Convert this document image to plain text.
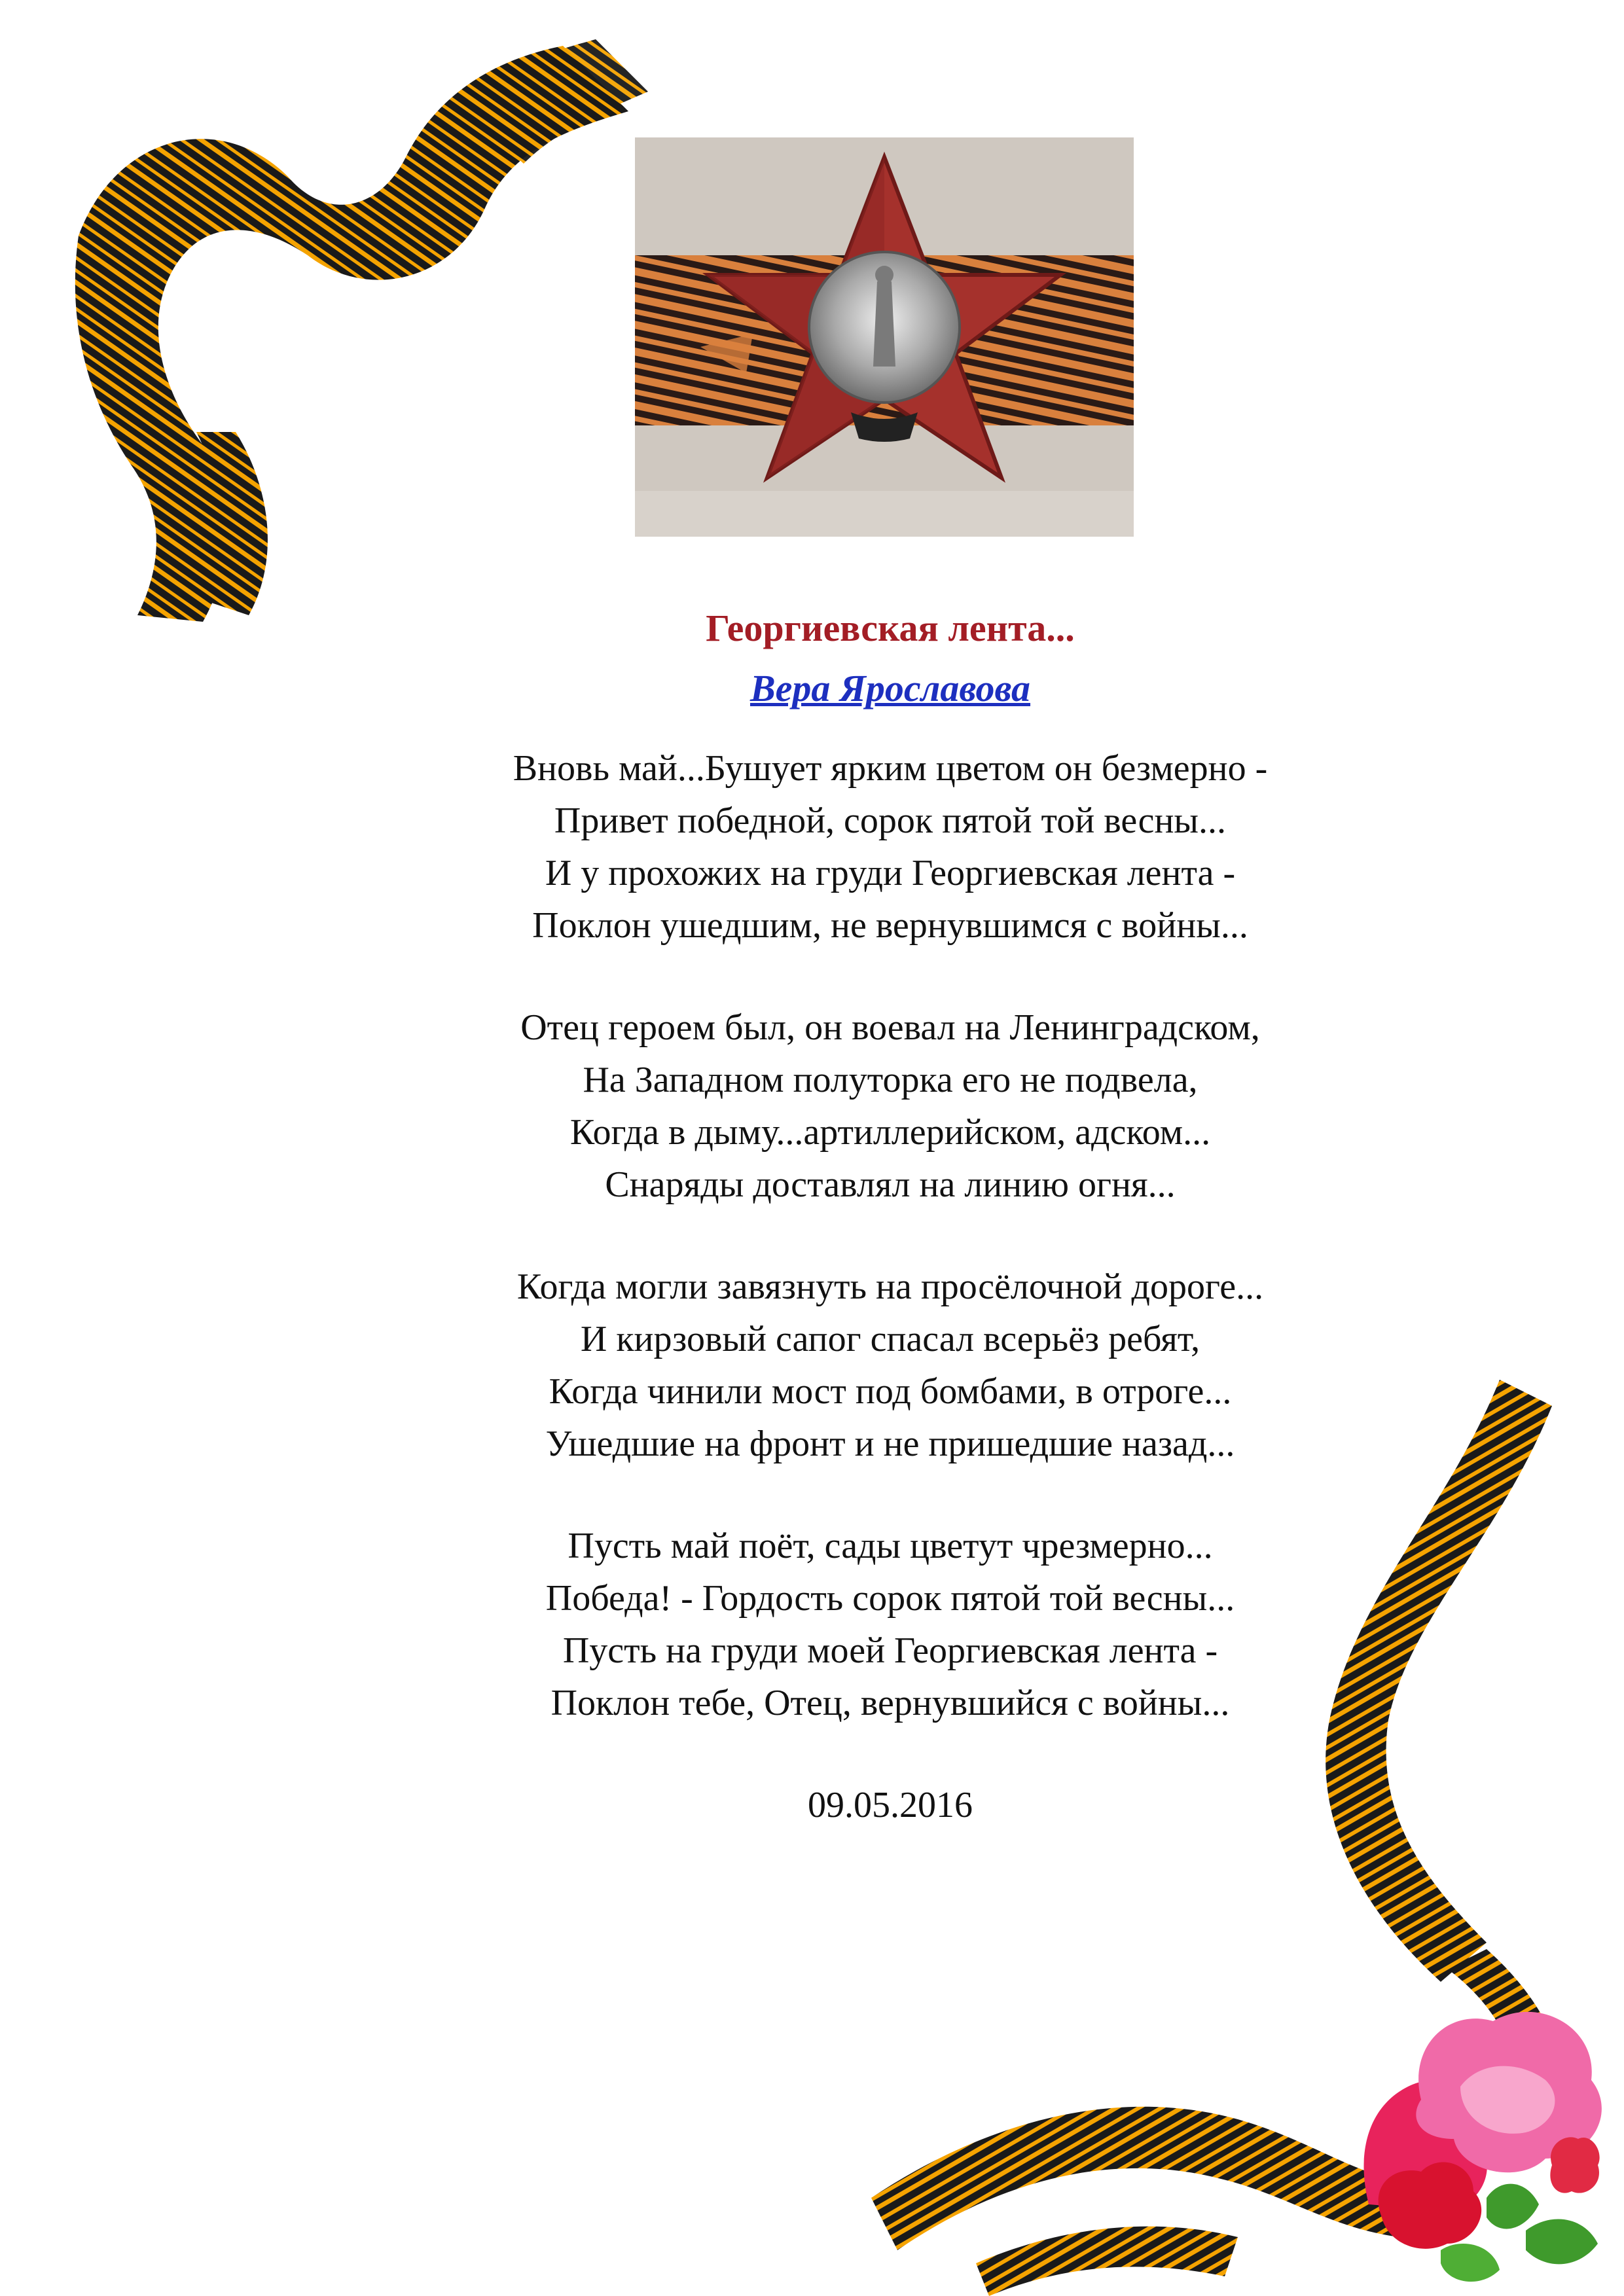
Георгиевская лента...
Вера Ярославова
Вновь май...Бушует ярким цветом он безмерно -
Привет победной, сорок пятой той весны...
И у прохожих на груди Георгиевская лента -
Поклон ушедшим, не вернувшимся с войны...
Отец героем был, он воевал на Ленинградском,
На Западном полуторка его не подвела,
Когда в дыму...артиллерийском, адском...
Снаряды доставлял на линию огня...
Когда могли завязнуть на просёлочной дороге...
И кирзовый сапог спасал всерьёз ребят,
Когда чинили мост под бомбами, в отроге...
Ушедшие на фронт и не пришедшие назад...
Пусть май поёт, сады цветут чрезмерно...
Победа! - Гордость сорок пятой той весны...
Пусть на груди моей Георгиевская лента -
Поклон тебе, Отец, вернувшийся с войны...
09.05.2016
